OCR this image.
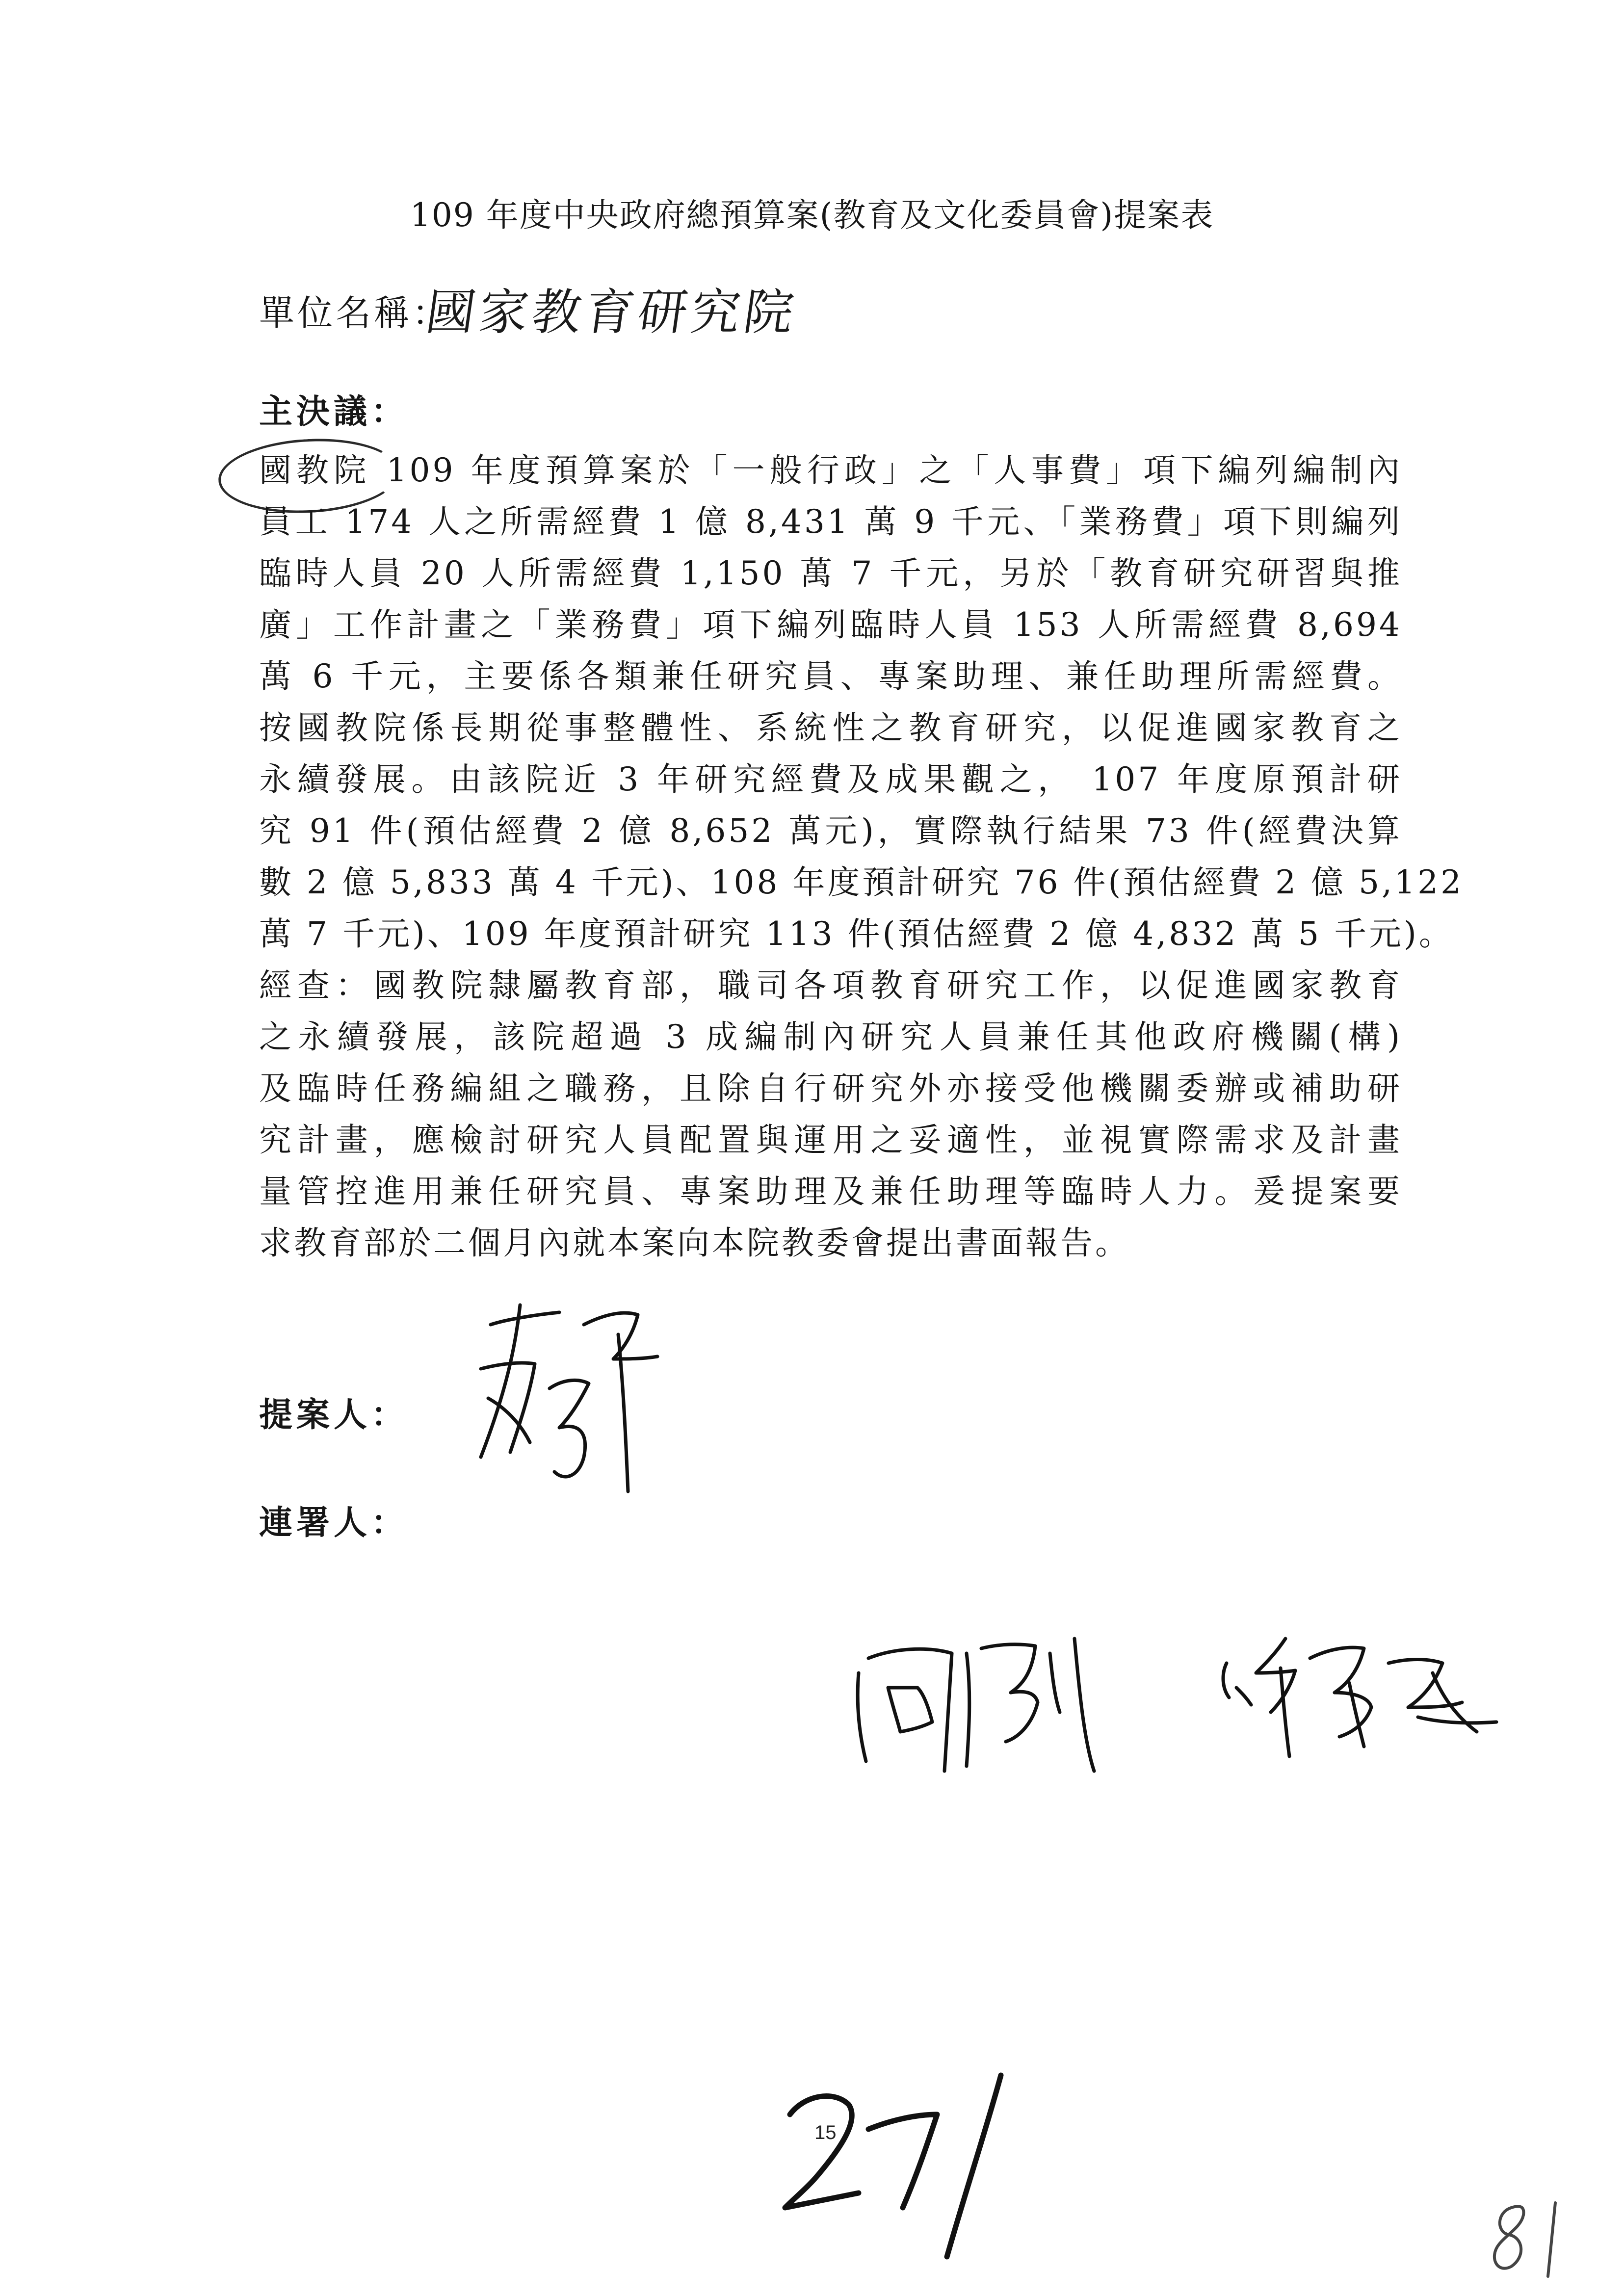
109 年度中央政府總預算案(教育及文化委員會)提案表
單位名稱：
國家教育研究院
主決議：
國教院 109 年度預算案於「一般行政」之「人事費」項下編列編制內
員工 174 人之所需經費 1 億 8,431 萬 9 千元、「業務費」項下則編列
臨時人員 20 人所需經費 1,150 萬 7 千元，另於「教育研究研習與推
廣」工作計畫之「業務費」項下編列臨時人員 153 人所需經費 8,694
萬 6 千元，主要係各類兼任研究員、專案助理、兼任助理所需經費。
按國教院係長期從事整體性、系統性之教育研究，以促進國家教育之
永續發展。由該院近 3 年研究經費及成果觀之， 107 年度原預計研
究 91 件(預估經費 2 億 8,652 萬元)，實際執行結果 73 件(經費決算
數 2 億 5,833 萬 4 千元)、108 年度預計研究 76 件(預估經費 2 億 5,122
萬 7 千元)、109 年度預計研究 113 件(預估經費 2 億 4,832 萬 5 千元)。
經查：國教院隸屬教育部，職司各項教育研究工作，以促進國家教育
之永續發展，該院超過 3 成編制內研究人員兼任其他政府機關(構)
及臨時任務編組之職務，且除自行研究外亦接受他機關委辦或補助研
究計畫，應檢討研究人員配置與運用之妥適性，並視實際需求及計畫
量管控進用兼任研究員、專案助理及兼任助理等臨時人力。爰提案要
求教育部於二個月內就本案向本院教委會提出書面報告。
提案人：
連署人：
15
